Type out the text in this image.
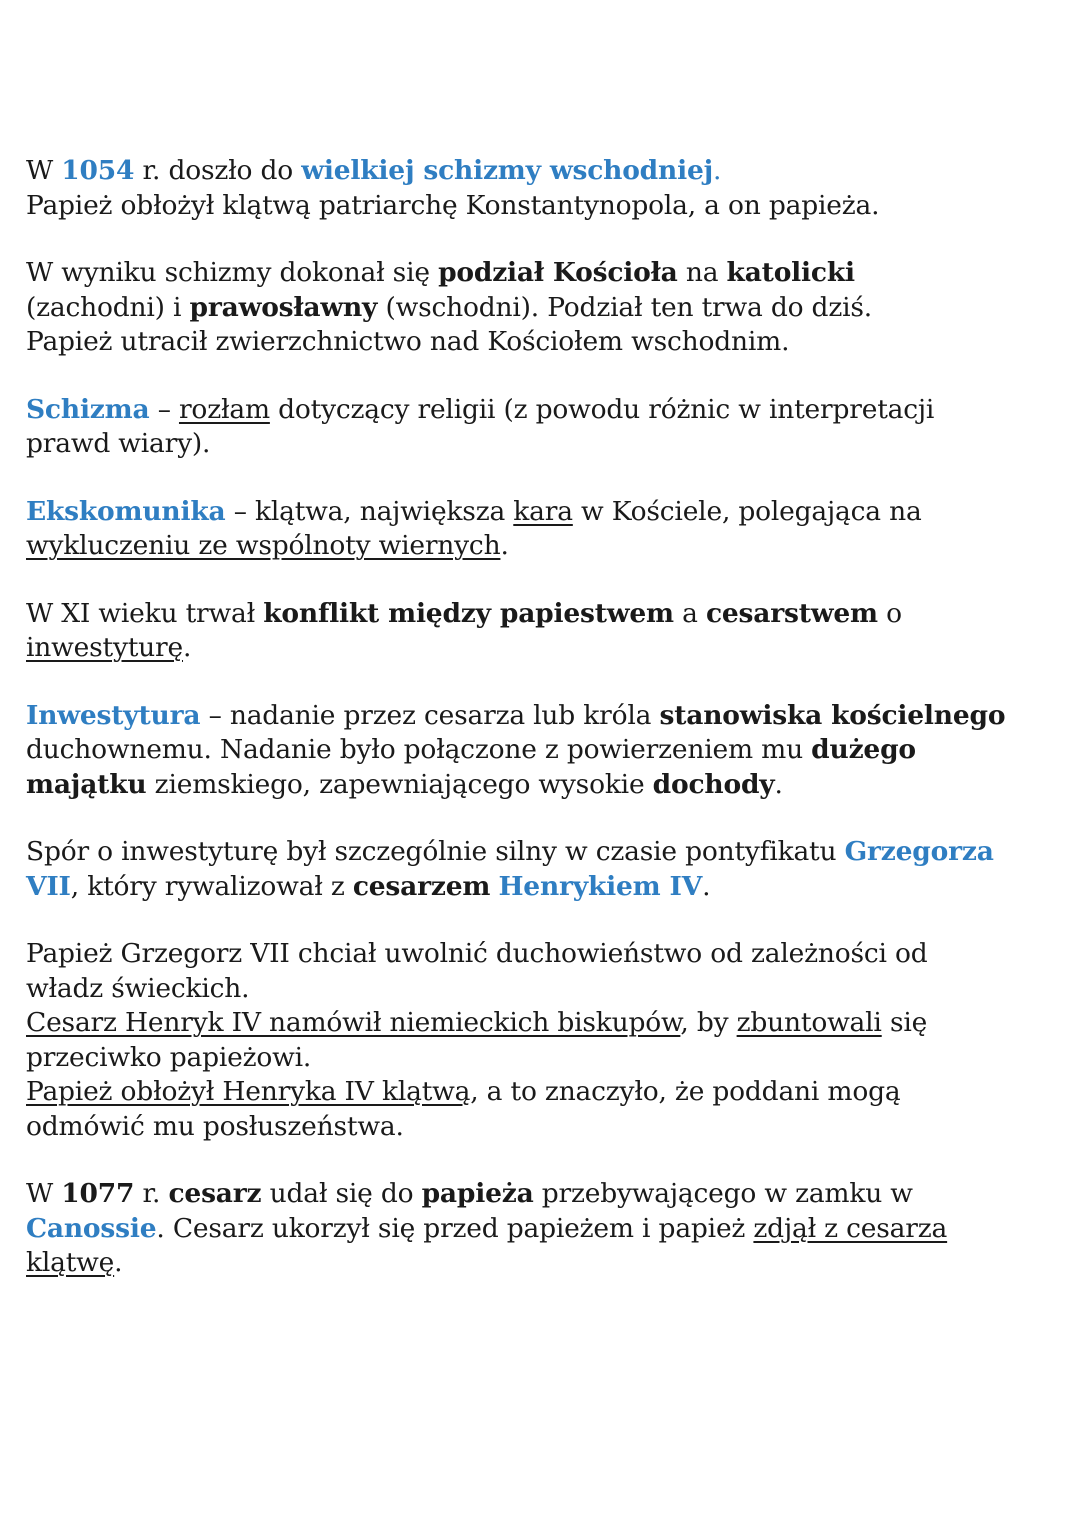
W 1054 r. doszło do wielkiej schizmy wschodniej.
Papież obłożył klątwą patriarchę Konstantynopola, a on papieża.
W wyniku schizmy dokonał się podział Kościoła na katolicki
(zachodni) i prawosławny (wschodni). Podział ten trwa do dziś.
Papież utracił zwierzchnictwo nad Kościołem wschodnim.
Schizma – rozłam dotyczący religii (z powodu różnic w interpretacji
prawd wiary).
Ekskomunika – klątwa, największa kara w Kościele, polegająca na
wykluczeniu ze wspólnoty wiernych.
W XI wieku trwał konflikt między papiestwem a cesarstwem o
inwestyturę.
Inwestytura – nadanie przez cesarza lub króla stanowiska kościelnego
duchownemu. Nadanie było połączone z powierzeniem mu dużego
majątku ziemskiego, zapewniającego wysokie dochody.
Spór o inwestyturę był szczególnie silny w czasie pontyfikatu Grzegorza
VII, który rywalizował z cesarzem Henrykiem IV.
Papież Grzegorz VII chciał uwolnić duchowieństwo od zależności od
władz świeckich.
Cesarz Henryk IV namówił niemieckich biskupów, by zbuntowali się
przeciwko papieżowi.
Papież obłożył Henryka IV klątwą, a to znaczyło, że poddani mogą
odmówić mu posłuszeństwa.
W 1077 r. cesarz udał się do papieża przebywającego w zamku w
Canossie. Cesarz ukorzył się przed papieżem i papież zdjął z cesarza
klątwę.
